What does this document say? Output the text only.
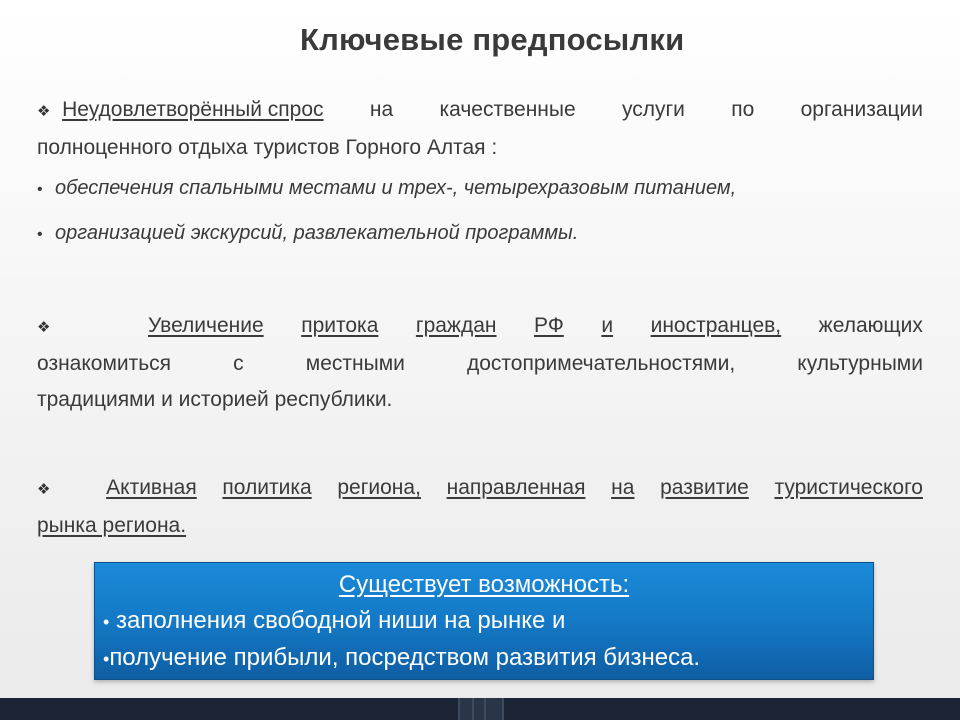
Ключевые предпосылки
❖ Неудовлетворённый спрос на качественные услуги по организации
полноценного отдыха туристов Горного Алтая :
• обеспечения спальными местами и трех-, четырехразовым питанием,
• организацией экскурсий, развлекательной программы.
❖	Увеличение притока граждан РФ и иностранцев, желающих
ознакомиться	с	местными	достопримечательностями,	культурными
традициями и историей республики.
❖	Активная политика региона, направленная на развитие туристического
рынка региона.
Существует возможность:
• заполнения свободной ниши на рынке и
•получение прибыли, посредством развития бизнеса.
